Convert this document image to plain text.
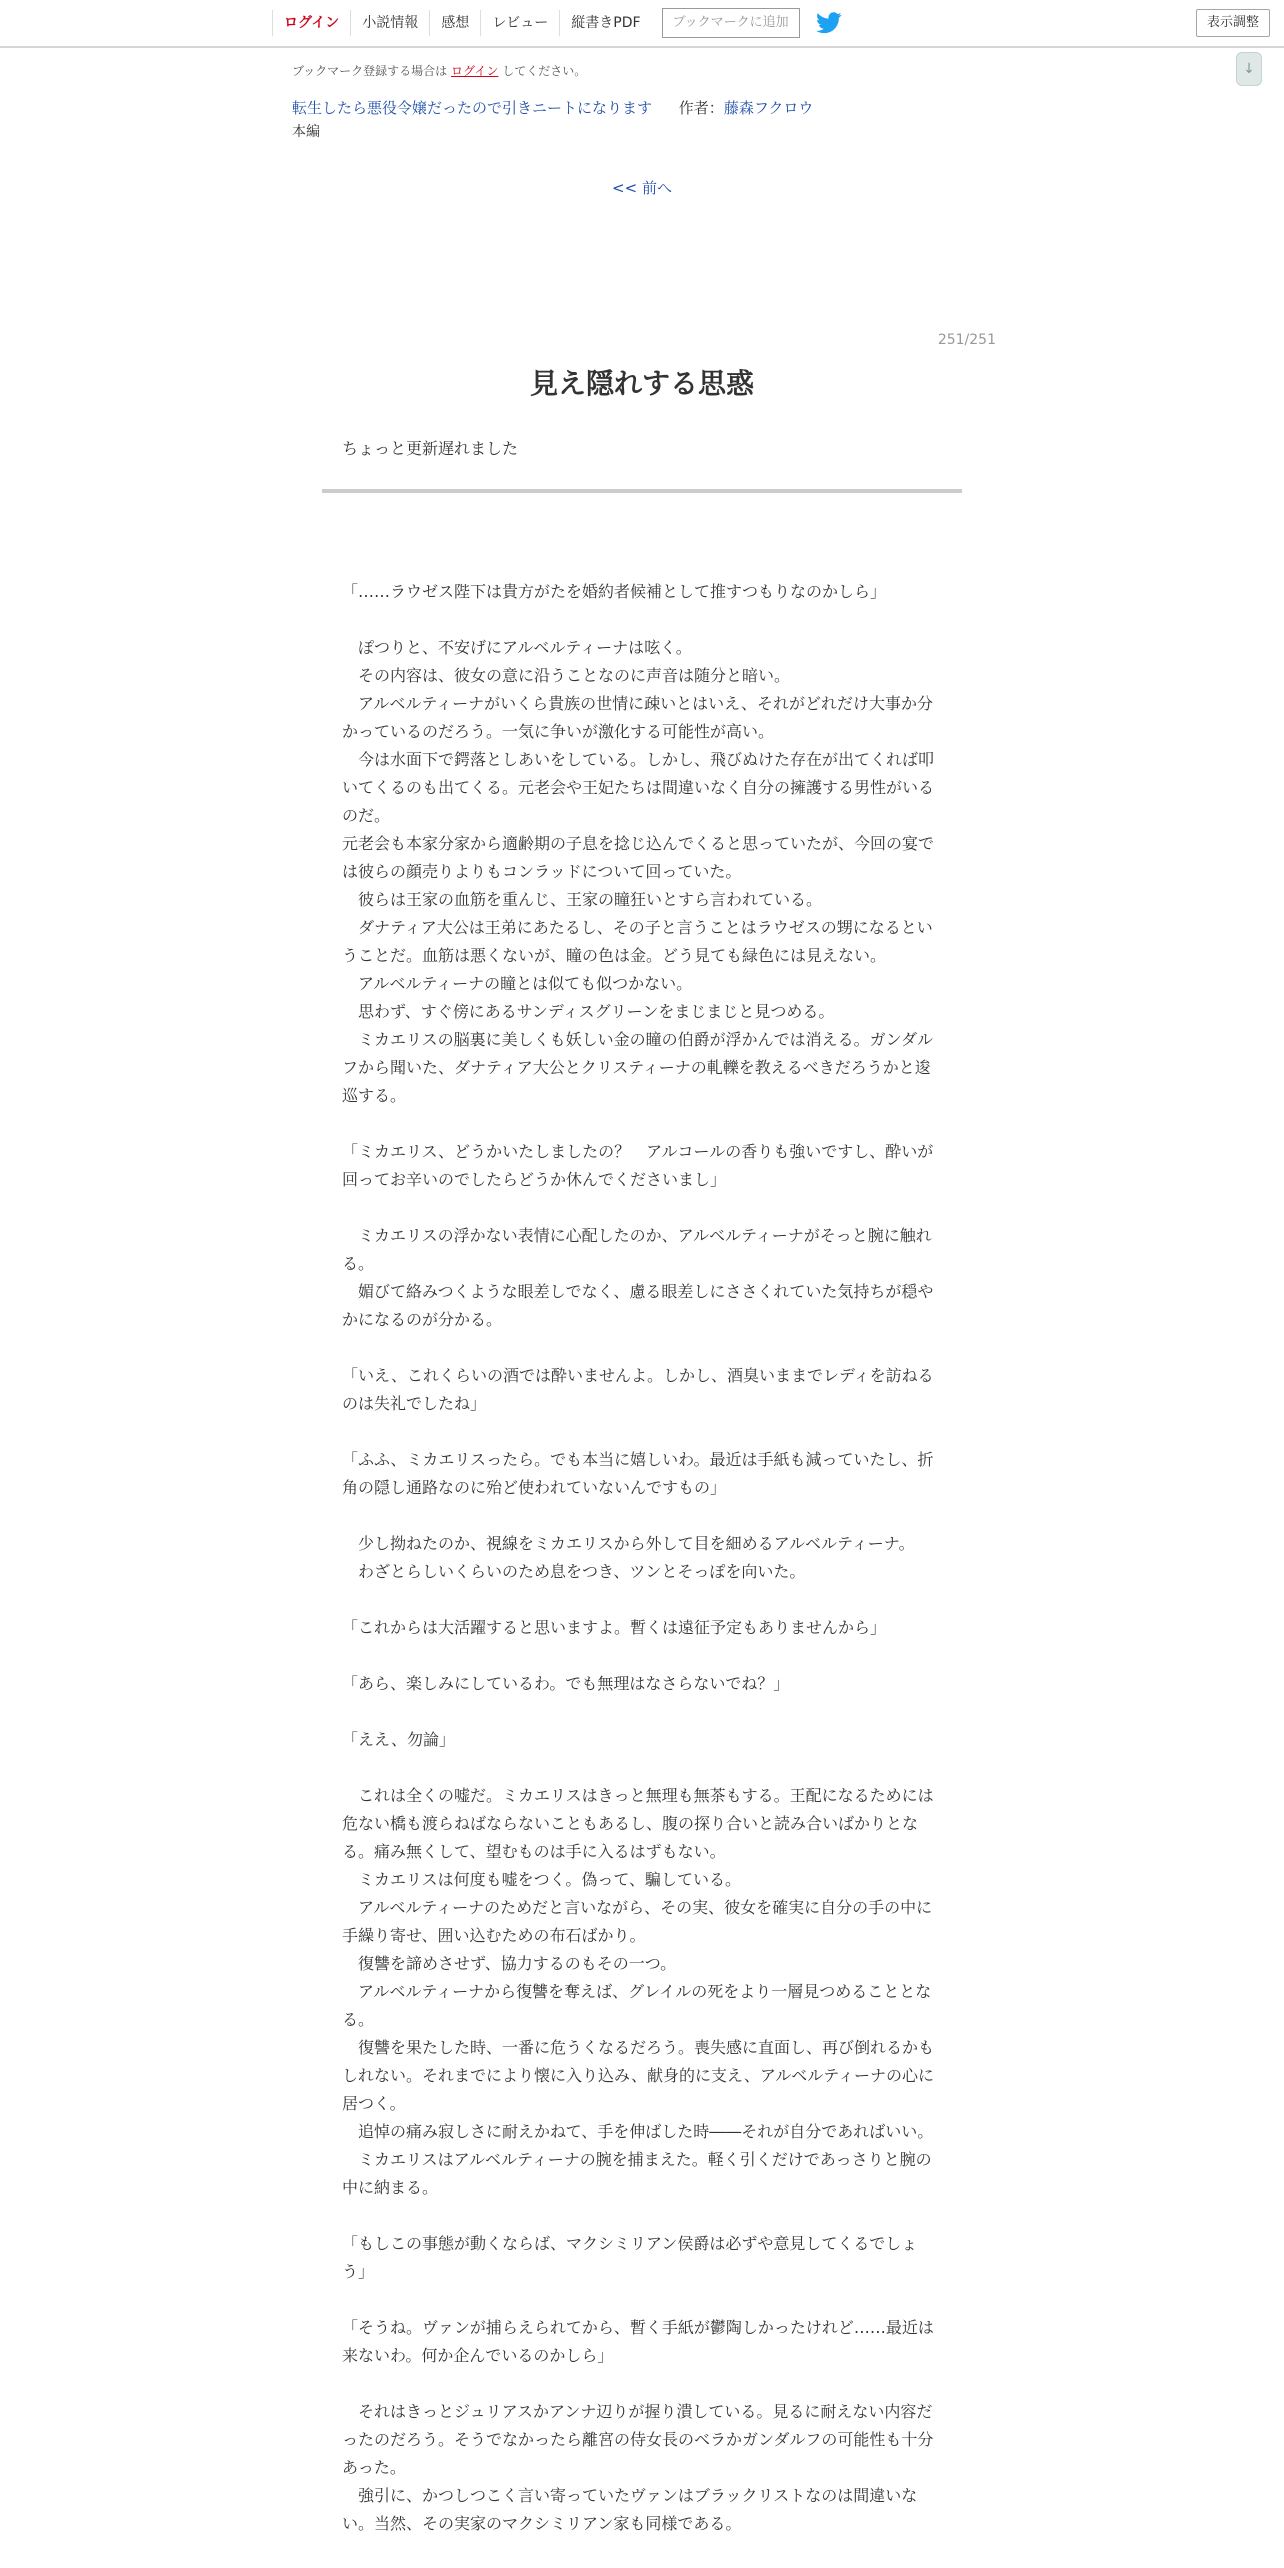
ログイン	小説情報	感想	レビュー	縦書きPDF	ブックマークに追加	表示調整
↓
ブックマーク登録する場合は ログイン してください。
転生したら悪役令嬢だったので引きニートになります 作者：藤森フクロウ
本編
<< 前へ
251/251
見え隠れする思惑
ちょっと更新遅れました

「……ラウゼス陛下は貴方がたを婚約者候補として推すつもりなのかしら」

　ぽつりと、不安げにアルベルティーナは呟く。

　その内容は、彼女の意に沿うことなのに声音は随分と暗い。

　アルベルティーナがいくら貴族の世情に疎いとはいえ、それがどれだけ大事か分

かっているのだろう。一気に争いが激化する可能性が高い。

　今は水面下で鍔落としあいをしている。しかし、飛びぬけた存在が出てくれば叩

いてくるのも出てくる。元老会や王妃たちは間違いなく自分の擁護する男性がいる

のだ。

元老会も本家分家から適齢期の子息を捻じ込んでくると思っていたが、今回の宴で

は彼らの顔売りよりもコンラッドについて回っていた。

　彼らは王家の血筋を重んじ、王家の瞳狂いとすら言われている。

　ダナティア大公は王弟にあたるし、その子と言うことはラウゼスの甥になるとい

うことだ。血筋は悪くないが、瞳の色は金。どう見ても緑色には見えない。

　アルベルティーナの瞳とは似ても似つかない。

　思わず、すぐ傍にあるサンディスグリーンをまじまじと見つめる。

　ミカエリスの脳裏に美しくも妖しい金の瞳の伯爵が浮かんでは消える。ガンダル

フから聞いた、ダナティア大公とクリスティーナの軋轢を教えるべきだろうかと逡

巡する。

「ミカエリス、どうかいたしましたの？　アルコールの香りも強いですし、酔いが

回ってお辛いのでしたらどうか休んでくださいまし」

　ミカエリスの浮かない表情に心配したのか、アルベルティーナがそっと腕に触れ

る。

　媚びて絡みつくような眼差しでなく、慮る眼差しにささくれていた気持ちが穏や

かになるのが分かる。

「いえ、これくらいの酒では酔いませんよ。しかし、酒臭いままでレディを訪ねる

のは失礼でしたね」

「ふふ、ミカエリスったら。でも本当に嬉しいわ。最近は手紙も減っていたし、折

角の隠し通路なのに殆ど使われていないんですもの」

　少し拗ねたのか、視線をミカエリスから外して目を細めるアルベルティーナ。

　わざとらしいくらいのため息をつき、ツンとそっぽを向いた。

「これからは大活躍すると思いますよ。暫くは遠征予定もありませんから」

「あら、楽しみにしているわ。でも無理はなさらないでね？」

「ええ、勿論」

　これは全くの嘘だ。ミカエリスはきっと無理も無茶もする。王配になるためには

危ない橋も渡らねばならないこともあるし、腹の探り合いと読み合いばかりとな

る。痛み無くして、望むものは手に入るはずもない。

　ミカエリスは何度も嘘をつく。偽って、騙している。

　アルベルティーナのためだと言いながら、その実、彼女を確実に自分の手の中に

手繰り寄せ、囲い込むための布石ばかり。

　復讐を諦めさせず、協力するのもその一つ。

　アルベルティーナから復讐を奪えば、グレイルの死をより一層見つめることとな

る。

　復讐を果たした時、一番に危うくなるだろう。喪失感に直面し、再び倒れるかも

しれない。それまでにより懐に入り込み、献身的に支え、アルベルティーナの心に

居つく。

　追悼の痛み寂しさに耐えかねて、手を伸ばした時――それが自分であればいい。

　ミカエリスはアルベルティーナの腕を捕まえた。軽く引くだけであっさりと腕の

中に納まる。

「もしこの事態が動くならば、マクシミリアン侯爵は必ずや意見してくるでしょ

う」

「そうね。ヴァンが捕らえられてから、暫く手紙が鬱陶しかったけれど……最近は

来ないわ。何か企んでいるのかしら」

　それはきっとジュリアスかアンナ辺りが握り潰している。見るに耐えない内容だ

ったのだろう。そうでなかったら離宮の侍女長のベラかガンダルフの可能性も十分

あった。

　強引に、かつしつこく言い寄っていたヴァンはブラックリストなのは間違いな

い。当然、その実家のマクシミリアン家も同様である。
